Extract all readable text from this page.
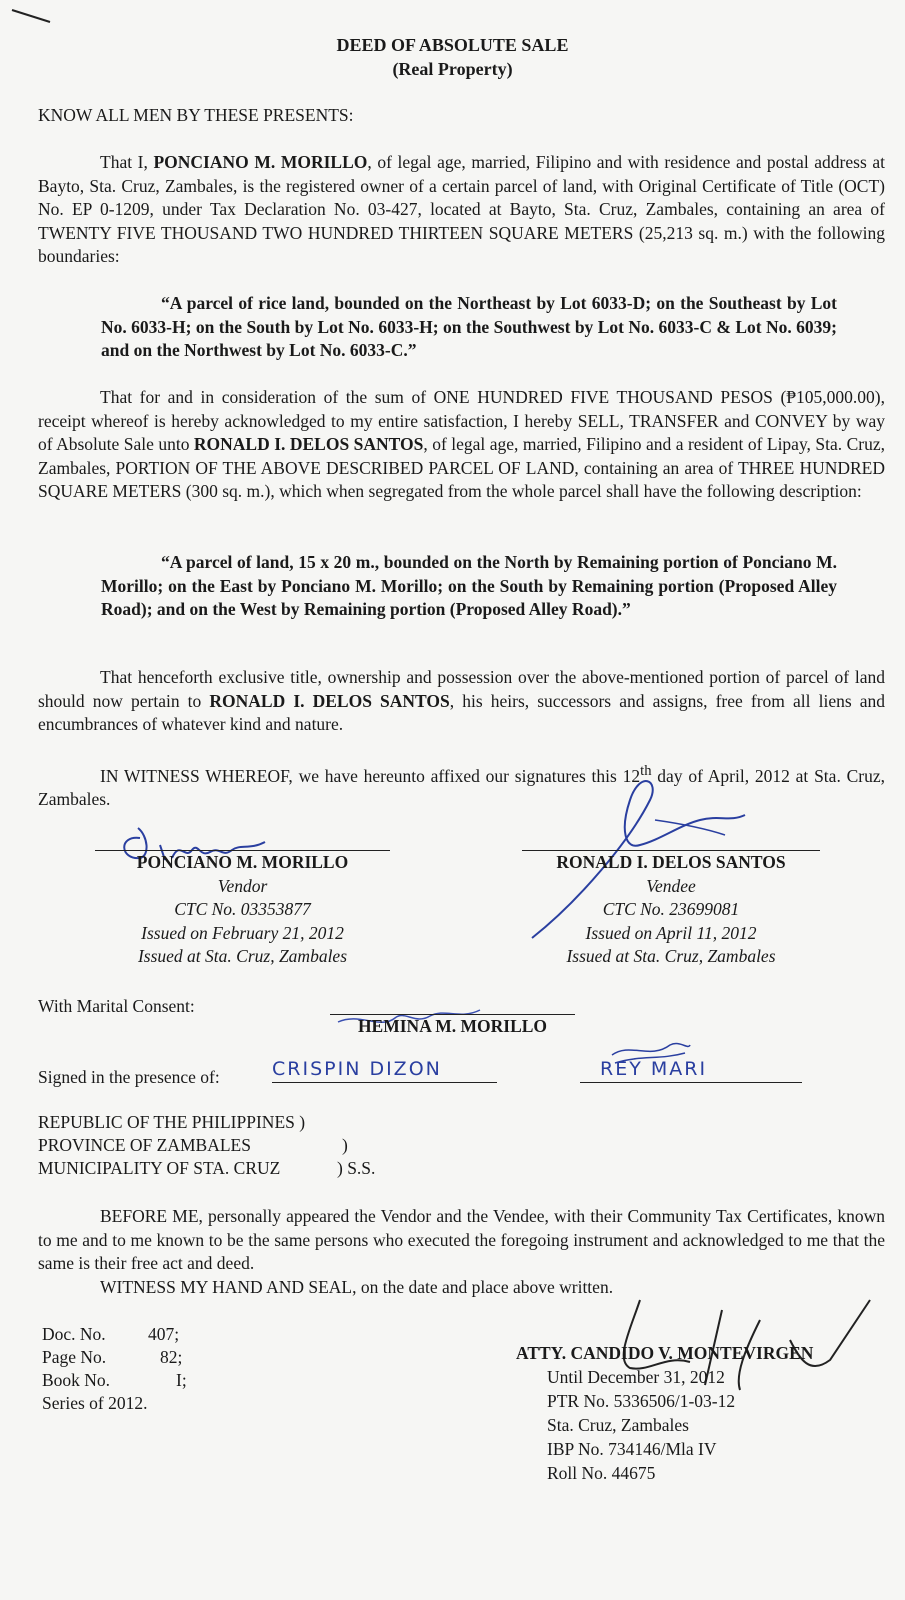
DEED OF ABSOLUTE SALE
(Real Property)
KNOW ALL MEN BY THESE PRESENTS:
That I, PONCIANO M. MORILLO, of legal age, married, Filipino and with residence and postal address at Bayto, Sta. Cruz, Zambales, is the registered owner of a certain parcel of land, with Original Certificate of Title (OCT) No. EP 0-1209, under Tax Declaration No. 03-427, located at Bayto, Sta. Cruz, Zambales, containing an area of TWENTY FIVE THOUSAND TWO HUNDRED THIRTEEN SQUARE METERS (25,213 sq. m.) with the following boundaries:
“A parcel of rice land, bounded on the Northeast by Lot 6033-D; on the Southeast by Lot No. 6033-H; on the South by Lot No. 6033-H; on the Southwest by Lot No. 6033-C & Lot No. 6039; and on the Northwest by Lot No. 6033-C.”
That for and in consideration of the sum of ONE HUNDRED FIVE THOUSAND PESOS (₱105,000.00), receipt whereof is hereby acknowledged to my entire satisfaction, I hereby SELL, TRANSFER and CONVEY by way of Absolute Sale unto RONALD I. DELOS SANTOS, of legal age, married, Filipino and a resident of Lipay, Sta. Cruz, Zambales, PORTION OF THE ABOVE DESCRIBED PARCEL OF LAND, containing an area of THREE HUNDRED SQUARE METERS (300 sq. m.), which when segregated from the whole parcel shall have the following description:
“A parcel of land, 15 x 20 m., bounded on the North by Remaining portion of Ponciano M. Morillo; on the East by Ponciano M. Morillo; on the South by Remaining portion (Proposed Alley Road); and on the West by Remaining portion (Proposed Alley Road).”
That henceforth exclusive title, ownership and possession over the above-mentioned portion of parcel of land should now pertain to RONALD I. DELOS SANTOS, his heirs, successors and assigns, free from all liens and encumbrances of whatever kind and nature.
IN WITNESS WHEREOF, we have hereunto affixed our signatures this 12th day of April, 2012 at Sta. Cruz, Zambales.
PONCIANO M. MORILLO
Vendor
CTC No. 03353877
Issued on February 21, 2012
Issued at Sta. Cruz, Zambales
RONALD I. DELOS SANTOS
Vendee
CTC No. 23699081
Issued on April 11, 2012
Issued at Sta. Cruz, Zambales
With Marital Consent:
HEMINA M. MORILLO
Signed in the presence of:	CRISPIN DIZON	REY MARI
REPUBLIC OF THE PHILIPPINES )
PROVINCE OF ZAMBALES	)
MUNICIPALITY OF STA. CRUZ	) S.S.
BEFORE ME, personally appeared the Vendor and the Vendee, with their Community Tax Certificates, known to me and to me known to be the same persons who executed the foregoing instrument and acknowledged to me that the same is their free act and deed.
WITNESS MY HAND AND SEAL, on the date and place above written.
Doc. No. 407;
Page No.	82;
Book No.	I;
Series of 2012.
ATTY. CANDIDO V. MONTEVIRGEN
Until December 31, 2012
PTR No. 5336506/1-03-12
Sta. Cruz, Zambales
IBP No. 734146/Mla IV
Roll No. 44675
